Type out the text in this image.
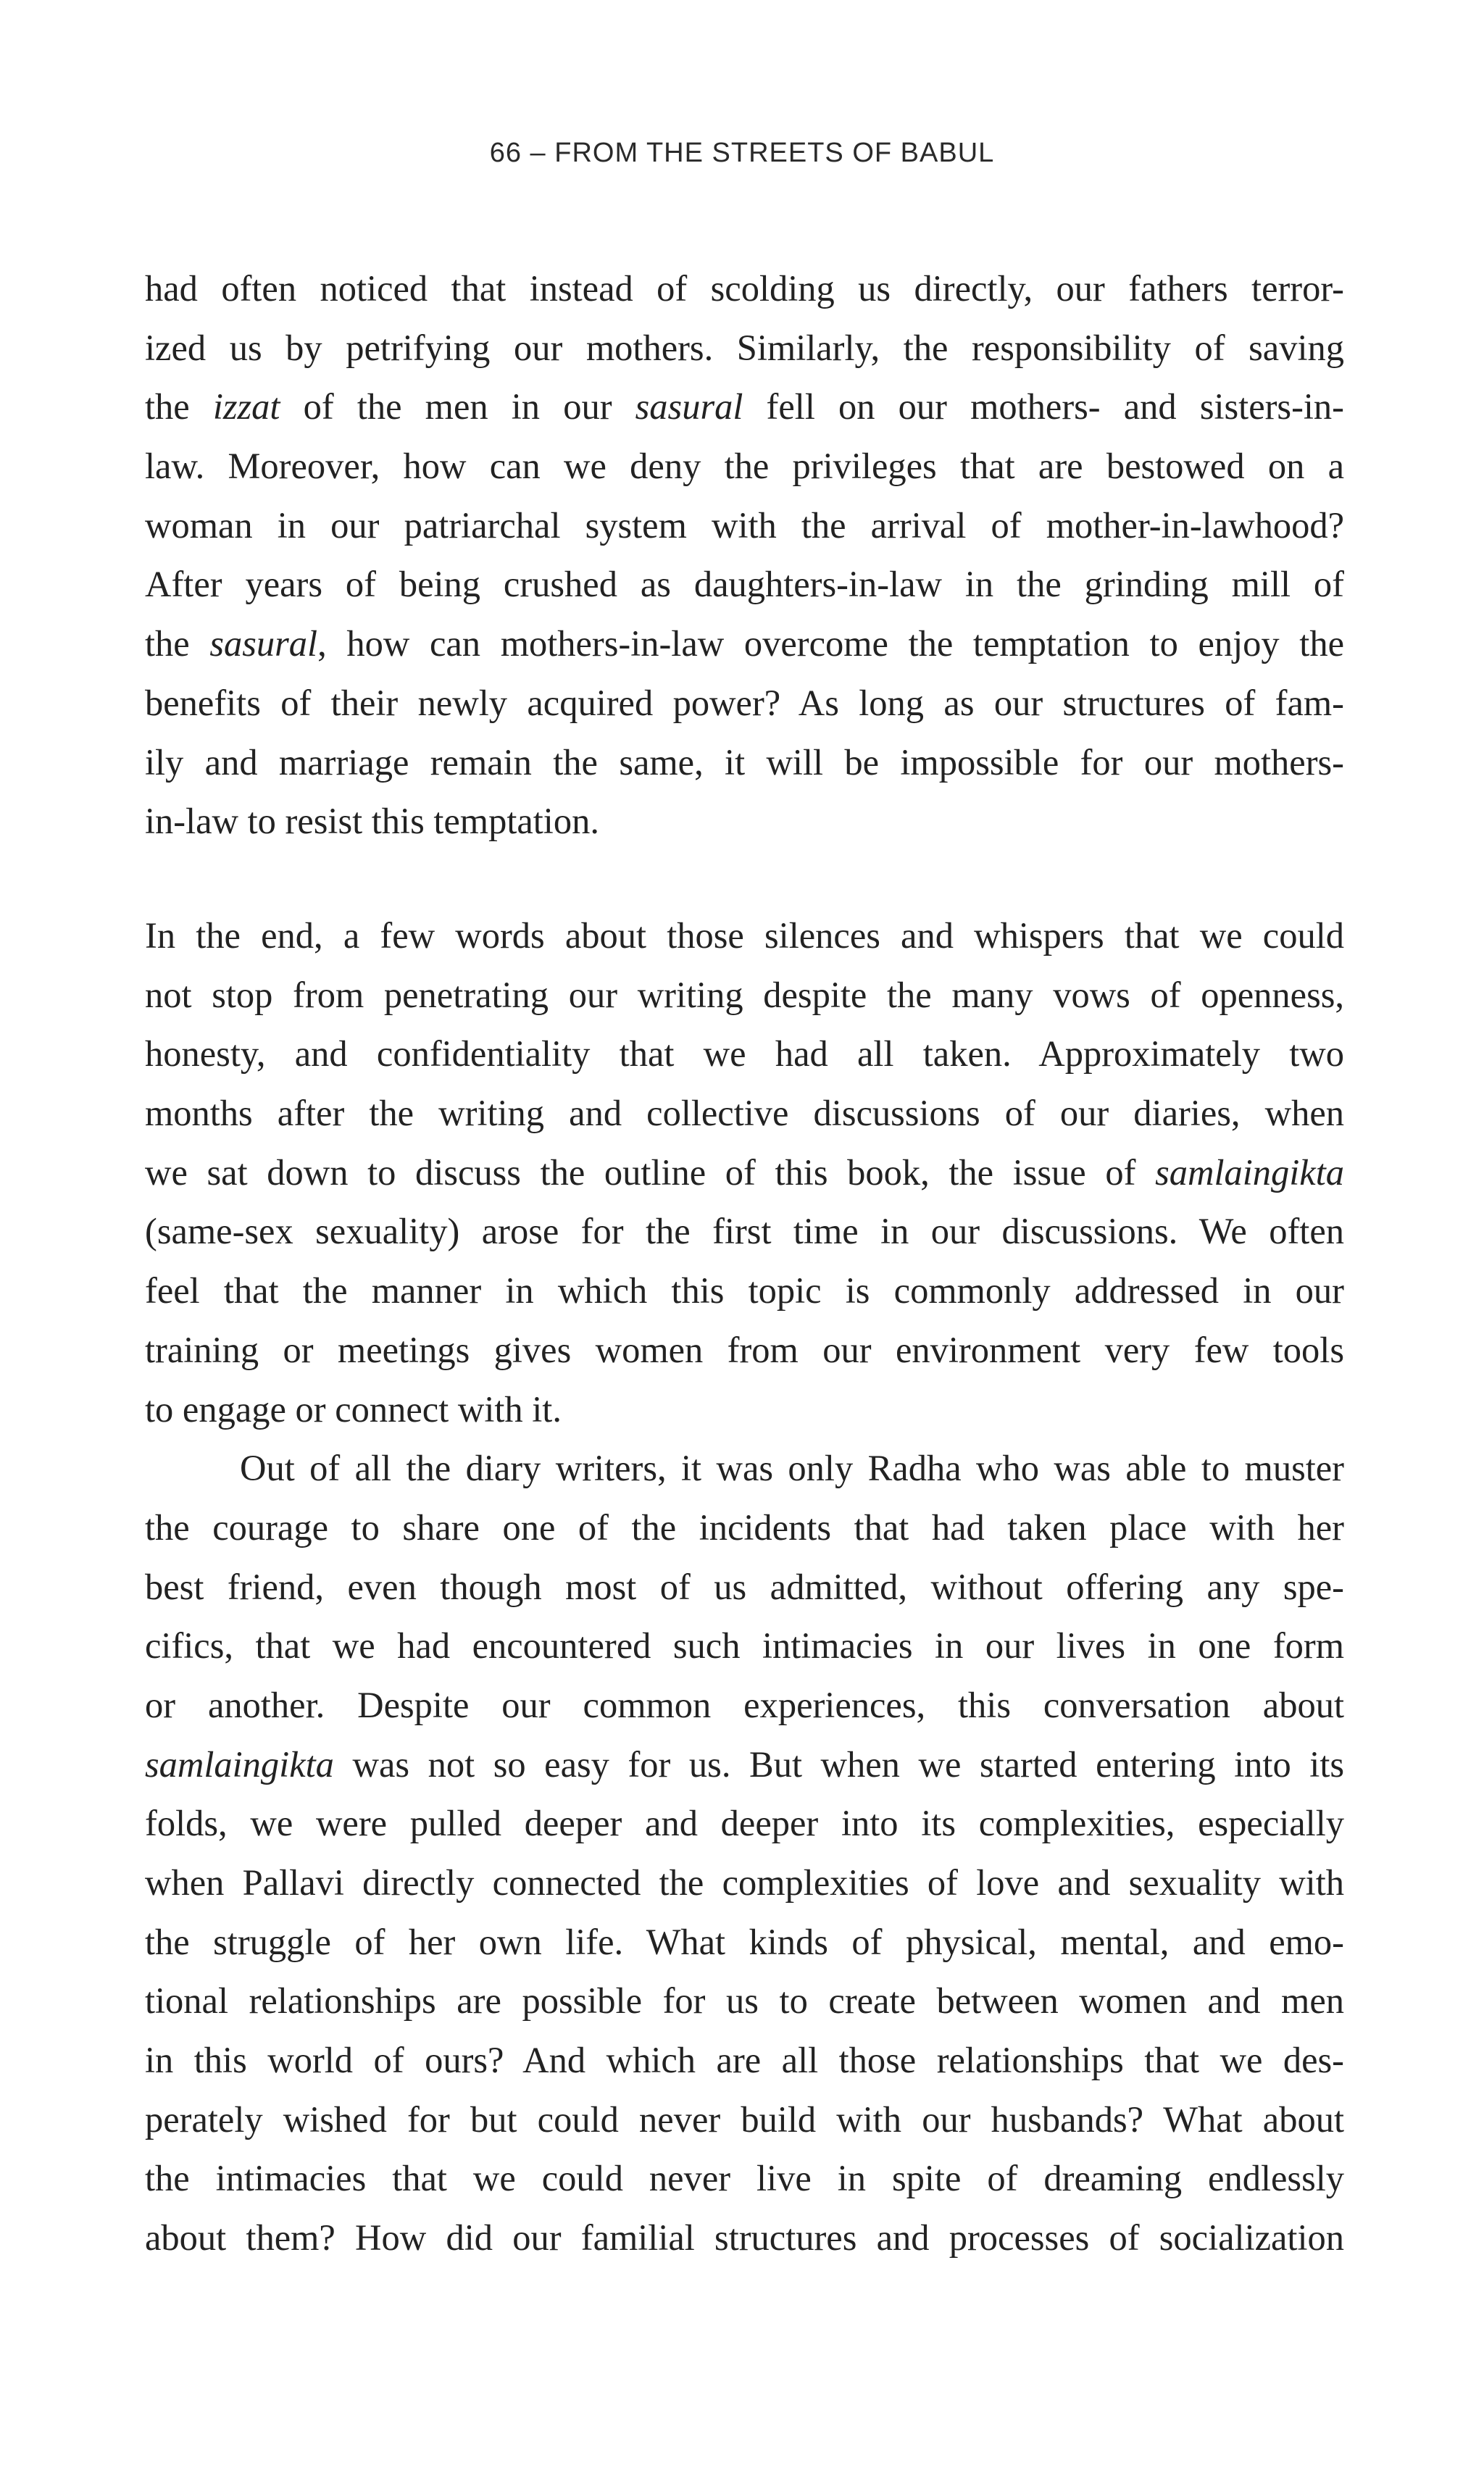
66 – FROM THE STREETS OF BABUL
had often noticed that instead of scolding us directly, our fathers terror-
ized us by petrifying our mothers. Similarly, the responsibility of saving
the izzat of the men in our sasural fell on our mothers- and sisters-in-
law. Moreover, how can we deny the privileges that are bestowed on a
woman in our patriarchal system with the arrival of mother-in-lawhood?
After years of being crushed as daughters-in-law in the grinding mill of
the sasural, how can mothers-in-law overcome the temptation to enjoy the
benefits of their newly acquired power? As long as our structures of fam-
ily and marriage remain the same, it will be impossible for our mothers-
in-law to resist this temptation.
In the end, a few words about those silences and whispers that we could
not stop from penetrating our writing despite the many vows of openness,
honesty, and confidentiality that we had all taken. Approximately two
months after the writing and collective discussions of our diaries, when
we sat down to discuss the outline of this book, the issue of samlaingikta
(same-sex sexuality) arose for the first time in our discussions. We often
feel that the manner in which this topic is commonly addressed in our
training or meetings gives women from our environment very few tools
to engage or connect with it.
Out of all the diary writers, it was only Radha who was able to muster
the courage to share one of the incidents that had taken place with her
best friend, even though most of us admitted, without offering any spe-
cifics, that we had encountered such intimacies in our lives in one form
or another. Despite our common experiences, this conversation about
samlaingikta was not so easy for us. But when we started entering into its
folds, we were pulled deeper and deeper into its complexities, especially
when Pallavi directly connected the complexities of love and sexuality with
the struggle of her own life. What kinds of physical, mental, and emo-
tional relationships are possible for us to create between women and men
in this world of ours? And which are all those relationships that we des-
perately wished for but could never build with our husbands? What about
the intimacies that we could never live in spite of dreaming endlessly
about them? How did our familial structures and processes of socialization
